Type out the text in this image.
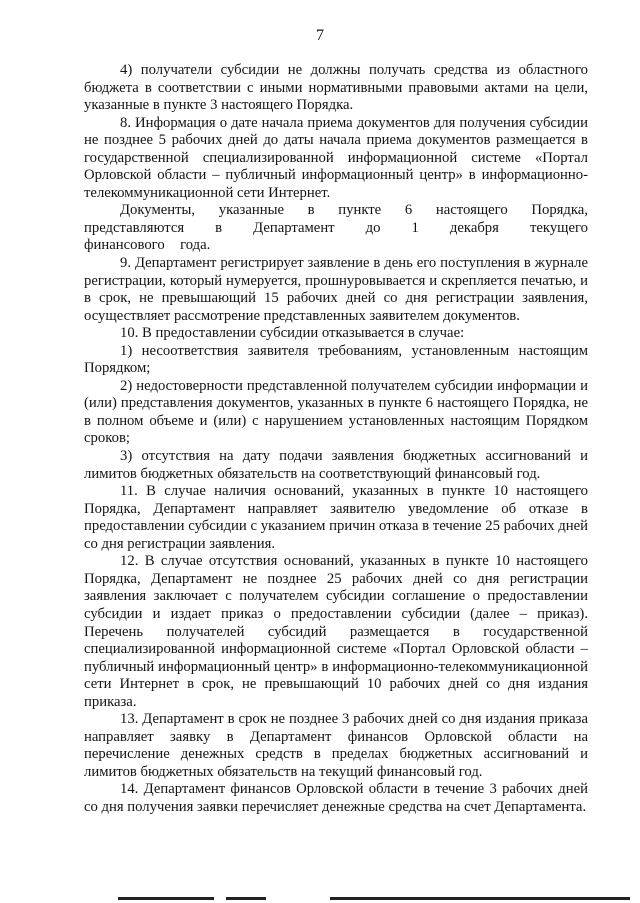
7

4) получатели субсидии не должны получать средства из областного бюджета в соответствии с иными нормативными правовыми актами на цели, указанные в пункте 3 настоящего Порядка.

8. Информация о дате начала приема документов для получения субсидии не позднее 5 рабочих дней до даты начала приема документов размещается в государственной специализированной информационной системе «Портал Орловской области – публичный информационный центр» в информационно-телекоммуникационной сети Интернет.

Документы, указанные в пункте 6 настоящего Порядка, представляются в Департамент до 1 декабря текущего финансового года.

9. Департамент регистрирует заявление в день его поступления в журнале регистрации, который нумеруется, прошнуровывается и скрепляется печатью, и в срок, не превышающий 15 рабочих дней со дня регистрации заявления, осуществляет рассмотрение представленных заявителем документов.

10. В предоставлении субсидии отказывается в случае:

1) несоответствия заявителя требованиям, установленным настоящим Порядком;

2) недостоверности представленной получателем субсидии информации и (или) представления документов, указанных в пункте 6 настоящего Порядка, не в полном объеме и (или) с нарушением установленных настоящим Порядком сроков;

3) отсутствия на дату подачи заявления бюджетных ассигнований и лимитов бюджетных обязательств на соответствующий финансовый год.

11. В случае наличия оснований, указанных в пункте 10 настоящего Порядка, Департамент направляет заявителю уведомление об отказе в предоставлении субсидии с указанием причин отказа в течение 25 рабочих дней со дня регистрации заявления.

12. В случае отсутствия оснований, указанных в пункте 10 настоящего Порядка, Департамент не позднее 25 рабочих дней со дня регистрации заявления заключает с получателем субсидии соглашение о предоставлении субсидии и издает приказ о предоставлении субсидии (далее – приказ). Перечень получателей субсидий размещается в государственной специализированной информационной системе «Портал Орловской области – публичный информационный центр» в информационно-телекоммуникационной сети Интернет в срок, не превышающий 10 рабочих дней со дня издания приказа.

13. Департамент в срок не позднее 3 рабочих дней со дня издания приказа направляет заявку в Департамент финансов Орловской области на перечисление денежных средств в пределах бюджетных ассигнований и лимитов бюджетных обязательств на текущий финансовый год.

14. Департамент финансов Орловской области в течение 3 рабочих дней со дня получения заявки перечисляет денежные средства на счет Департамента.
